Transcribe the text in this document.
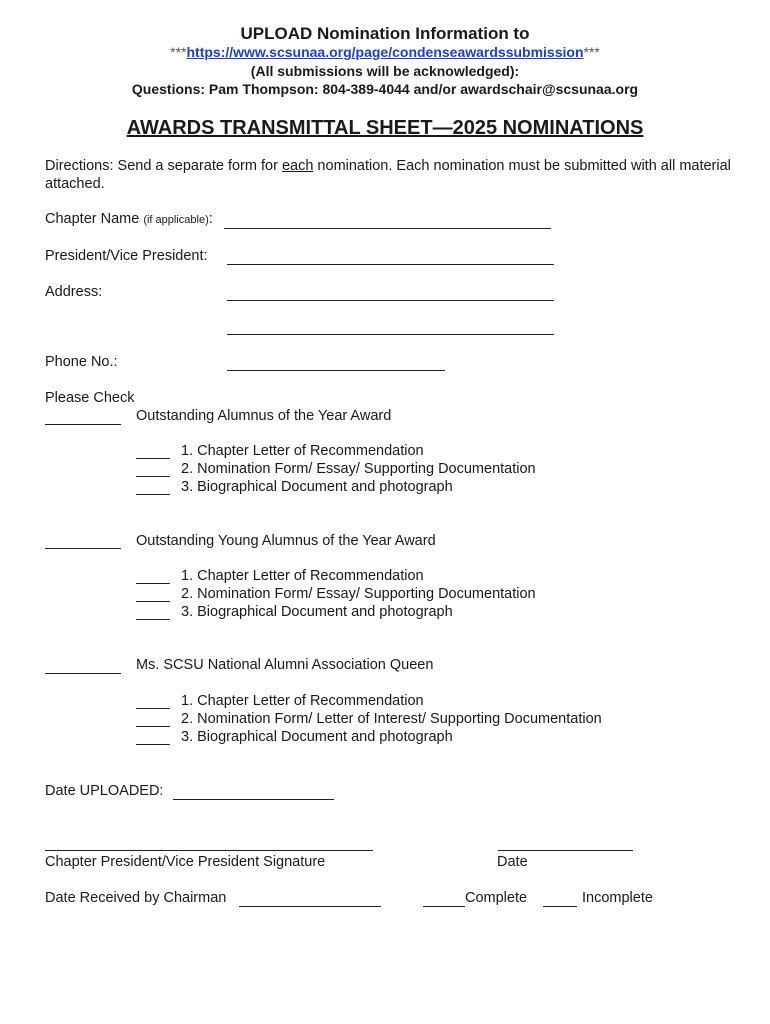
UPLOAD Nomination Information to
***https://www.scsunaa.org/page/condenseawardssubmission***
(All submissions will be acknowledged):
Questions: Pam Thompson: 804-389-4044 and/or awardschair@scsunaa.org
AWARDS TRANSMITTAL SHEET—2025 NOMINATIONS
Directions: Send a separate form for each nomination. Each nomination must be submitted with all material attached.
Chapter Name (if applicable):
President/Vice President:
Address:
Phone No.:
Please Check
Outstanding Alumnus of the Year Award
1. Chapter Letter of Recommendation
2. Nomination Form/ Essay/ Supporting Documentation
3. Biographical Document and photograph
Outstanding Young Alumnus of the Year Award
1. Chapter Letter of Recommendation
2. Nomination Form/ Essay/ Supporting Documentation
3. Biographical Document and photograph
Ms. SCSU National Alumni Association Queen
1. Chapter Letter of Recommendation
2. Nomination Form/ Letter of Interest/ Supporting Documentation
3. Biographical Document and photograph
Date UPLOADED:
Chapter President/Vice President Signature	Date
Date Received by Chairman	Complete	Incomplete
